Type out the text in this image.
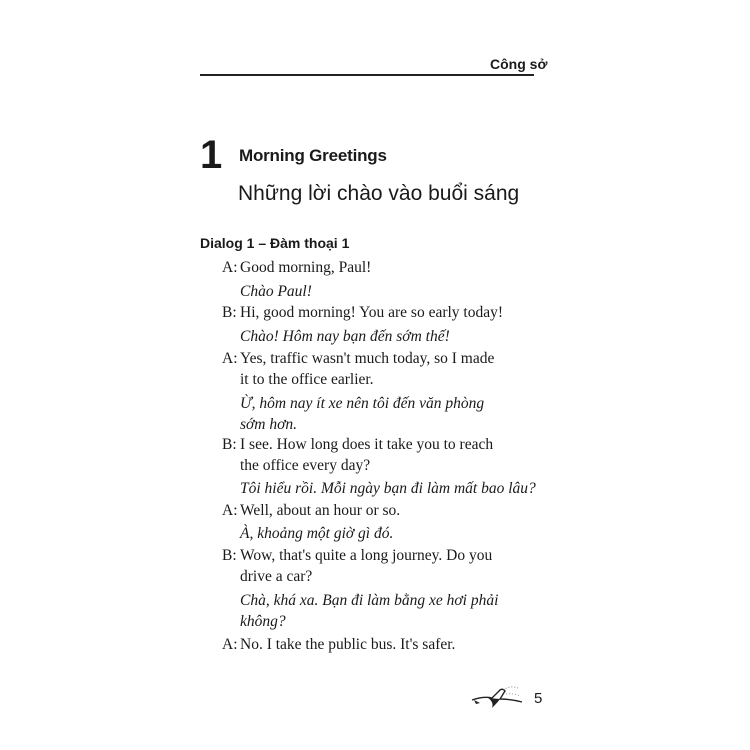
Công sở
1 Morning Greetings
Những lời chào vào buổi sáng
Dialog 1 – Đàm thoại 1
A: Good morning, Paul!
Chào Paul!
B: Hi, good morning! You are so early today!
Chào! Hôm nay bạn đến sớm thế!
A: Yes, traffic wasn't much today, so I made
it to the office earlier.
Ừ, hôm nay ít xe nên tôi đến văn phòng
sớm hơn.
B: I see. How long does it take you to reach
the office every day?
Tôi hiểu rồi. Mỗi ngày bạn đi làm mất bao lâu?
A: Well, about an hour or so.
À, khoảng một giờ gì đó.
B: Wow, that's quite a long journey. Do you
drive a car?
Chà, khá xa. Bạn đi làm bằng xe hơi phải
không?
A: No. I take the public bus. It's safer.
5
